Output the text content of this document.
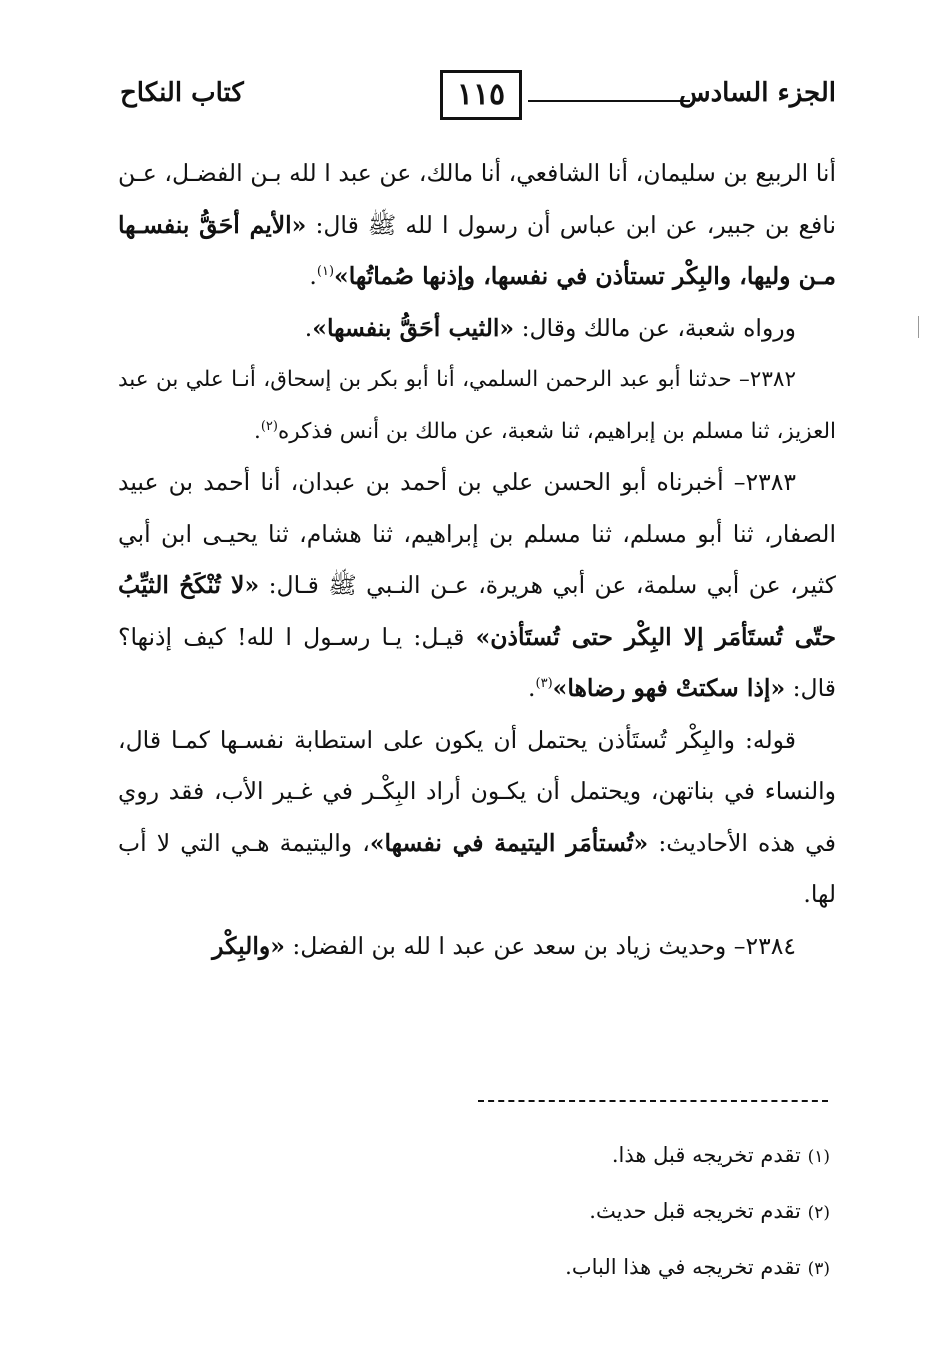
الجزء السادس
١١٥
كتاب النكاح

أنا الربيع بن سليمان، أنا الشافعي، أنا مالك، عن عبد ا لله بـن الفضـل، عـن نافع بن جبير، عن ابن عباس أن رسول ا لله ﷺ قال: «الأيم أحَقُّ بنفسـها مـن وليها، والبِكْر تستأذن في نفسها، وإذنها صُماتُها»$^{(١)}$.

ورواه شعبة، عن مالك وقال: «الثيب أحَقُّ بنفسها».

٢٣٨٢– حدثنا أبو عبد الرحمن السلمي، أنا أبو بكر بن إسحاق، أنـا علي بن عبد العزيز، ثنا مسلم بن إبراهيم، ثنا شعبة، عن مالك بن أنس فذكره$^{(٢)}$.

٢٣٨٣– أخبرناه أبو الحسن علي بن أحمد بن عبدان، أنا أحمد بن عبيد الصفار، ثنا أبو مسلم، ثنا مسلم بن إبراهيم، ثنا هشام، ثنا يحيـى ابن أبي كثير، عن أبي سلمة، عن أبي هريرة، عـن النـبي ﷺ قـال: «لا تُنْكَحُ الثيِّبُ حتّى تُستَأمَر إلا البِكْر حتى تُستَأذن» قيـل: يـا رسـول ا لله! كيف إذنها؟ قال: «إذا سكتتْ فهو رضاها»$^{(٣)}$.

قوله: والبِكْر تُستَأذن يحتمل أن يكون على استطابة نفسـها كمـا قال، والنساء في بناتهن، ويحتمل أن يكـون أراد البِكْـر في غـير الأب، فقد روي في هذه الأحاديث: «تُستأمَر اليتيمة في نفسها»، واليتيمة هـي التي لا أب لها.

٢٣٨٤– وحديث زياد بن سعد عن عبد ا لله بن الفضل: «والبِكْر

(١) تقدم تخريجه قبل هذا.

(٢) تقدم تخريجه قبل حديث.

(٣) تقدم تخريجه في هذا الباب.
